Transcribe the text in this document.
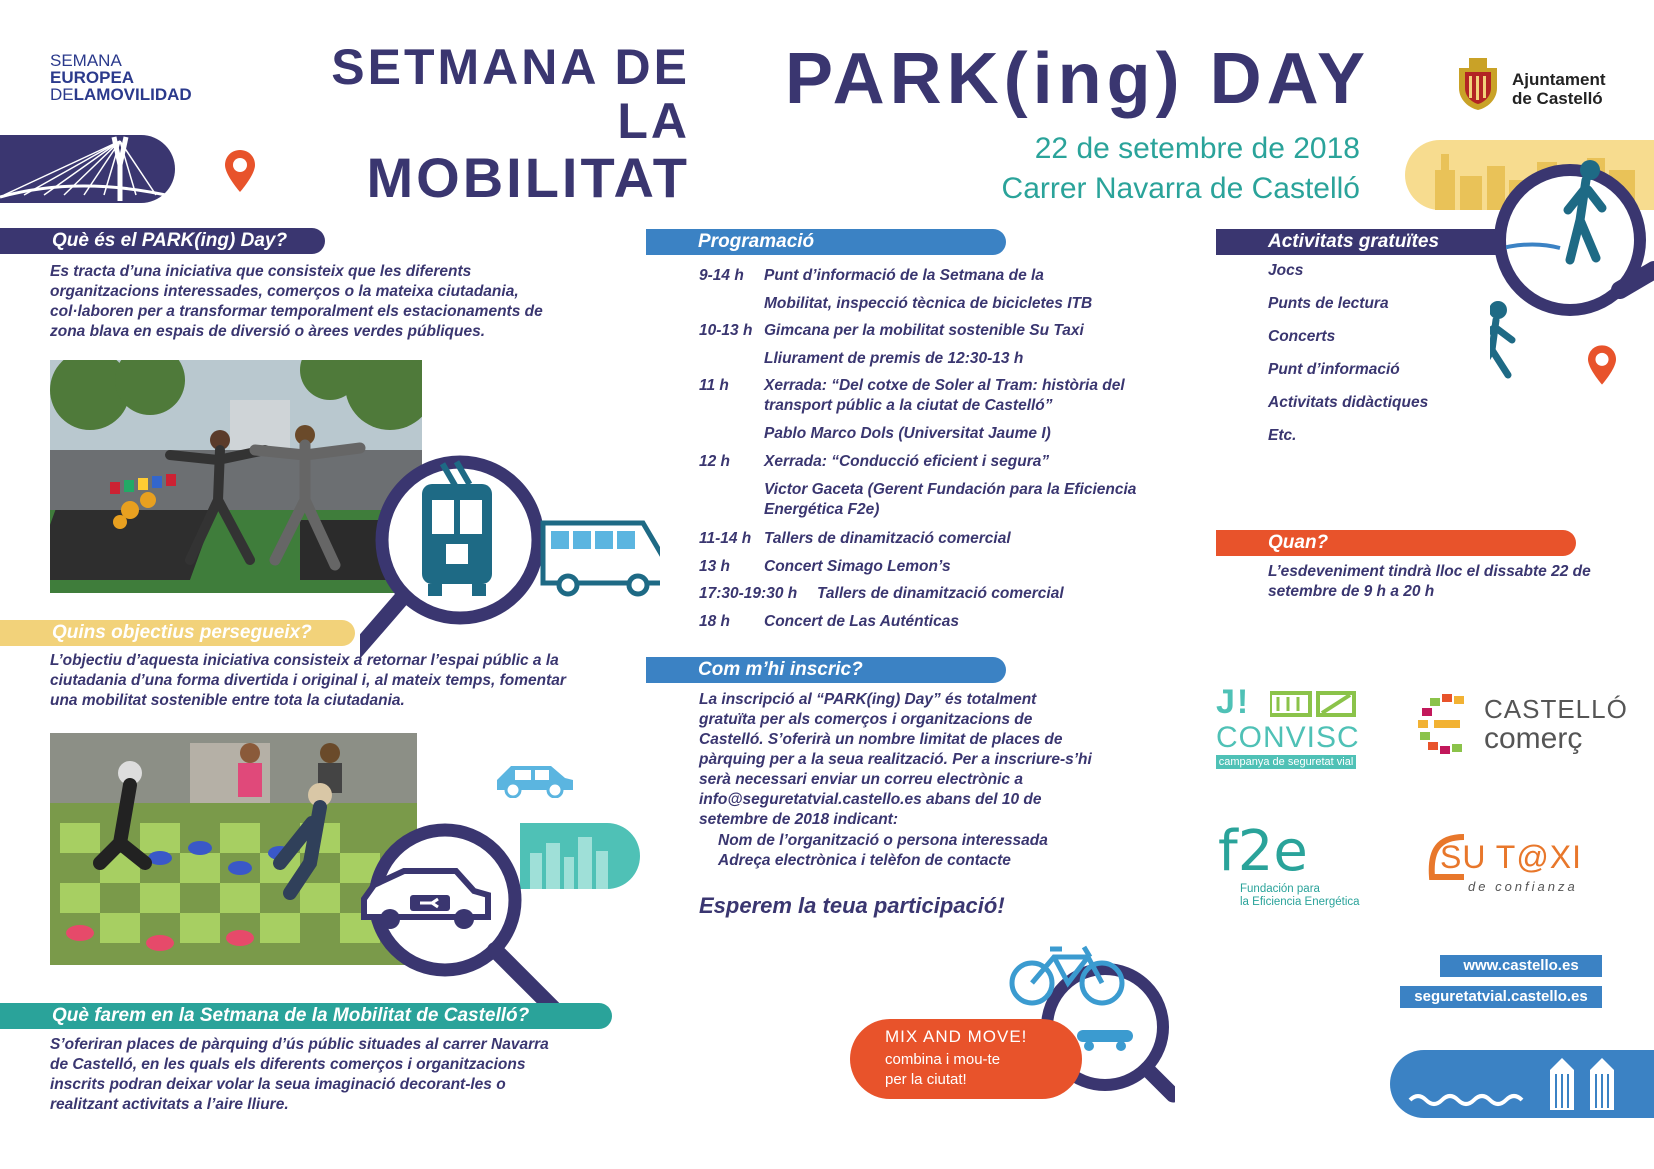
SEMANA
EUROPEA
DELAMOVILIDAD	SETMANA DE LA
MOBILITAT
PARK(ing) DAY
22 de setembre de 2018
Carrer Navarra de Castelló
Ajuntament
de Castelló
Què és el PARK(ing) Day?
Es tracta d’una iniciativa que consisteix que les diferents organitzacions interessades, comerços o la mateixa ciutadania, col·laboren per a transformar temporalment els estacionaments de zona blava en espais de diversió o àrees verdes públiques.
Quins objectius persegueix?
L’objectiu d’aquesta iniciativa consisteix a retornar l’espai públic a la ciutadania d’una forma divertida i original i, al mateix temps, fomentar una mobilitat sostenible entre tota la ciutadania.
Què farem en la Setmana de la Mobilitat de Castelló?
S’oferiran places de pàrquing d’ús públic situades al carrer Navarra de Castelló, en les quals els diferents comerços i organitzacions inscrits podran deixar volar la seua imaginació decorant-les o realitzant activitats a l’aire lliure.
Programació
9-14 h Punt d’informació de la Setmana de la
Mobilitat, inspecció tècnica de bicicletes ITB
10-13 h Gimcana per la mobilitat sostenible Su Taxi
Lliurament de premis de 12:30-13 h
11 h Xerrada: “Del cotxe de Soler al Tram: història del transport públic a la ciutat de Castelló”
Pablo Marco Dols (Universitat Jaume I)
12 h Xerrada: “Conducció eficient i segura”
Victor Gaceta (Gerent Fundación para la Eficiencia Energética F2e)
11-14 h Tallers de dinamització comercial
13 h Concert Simago Lemon’s
17:30-19:30 h Tallers de dinamització comercial
18 h Concert de Las Auténticas
Com m’hi inscric?
La inscripció al “PARK(ing) Day” és totalment gratuïta per als comerços i organitzacions de Castelló. S’oferirà un nombre limitat de places de pàrquing per a la seua realització. Per a inscriure-s’hi serà necessari enviar un correu electrònic a info@seguretatvial.castello.es abans del 10 de setembre de 2018 indicant:
Nom de l’organització o persona interessada
Adreça electrònica i telèfon de contacte
Esperem la teua participació!
MIX AND MOVE!
combina i mou-te
per la ciutat!
Activitats gratuïtes
Jocs
Punts de lectura
Concerts
Punt d’informació
Activitats didàctiques
Etc.
Quan?
L’esdeveniment tindrà lloc el dissabte 22 de setembre de 9 h a 20 h
J!
CONVISC
campanya de seguretat vial
CASTELLÓ
comerç
f2e
Fundación para
la Eficiencia Energética
SU T@XI
de confianza
www.castello.es
seguretatvial.castello.es
